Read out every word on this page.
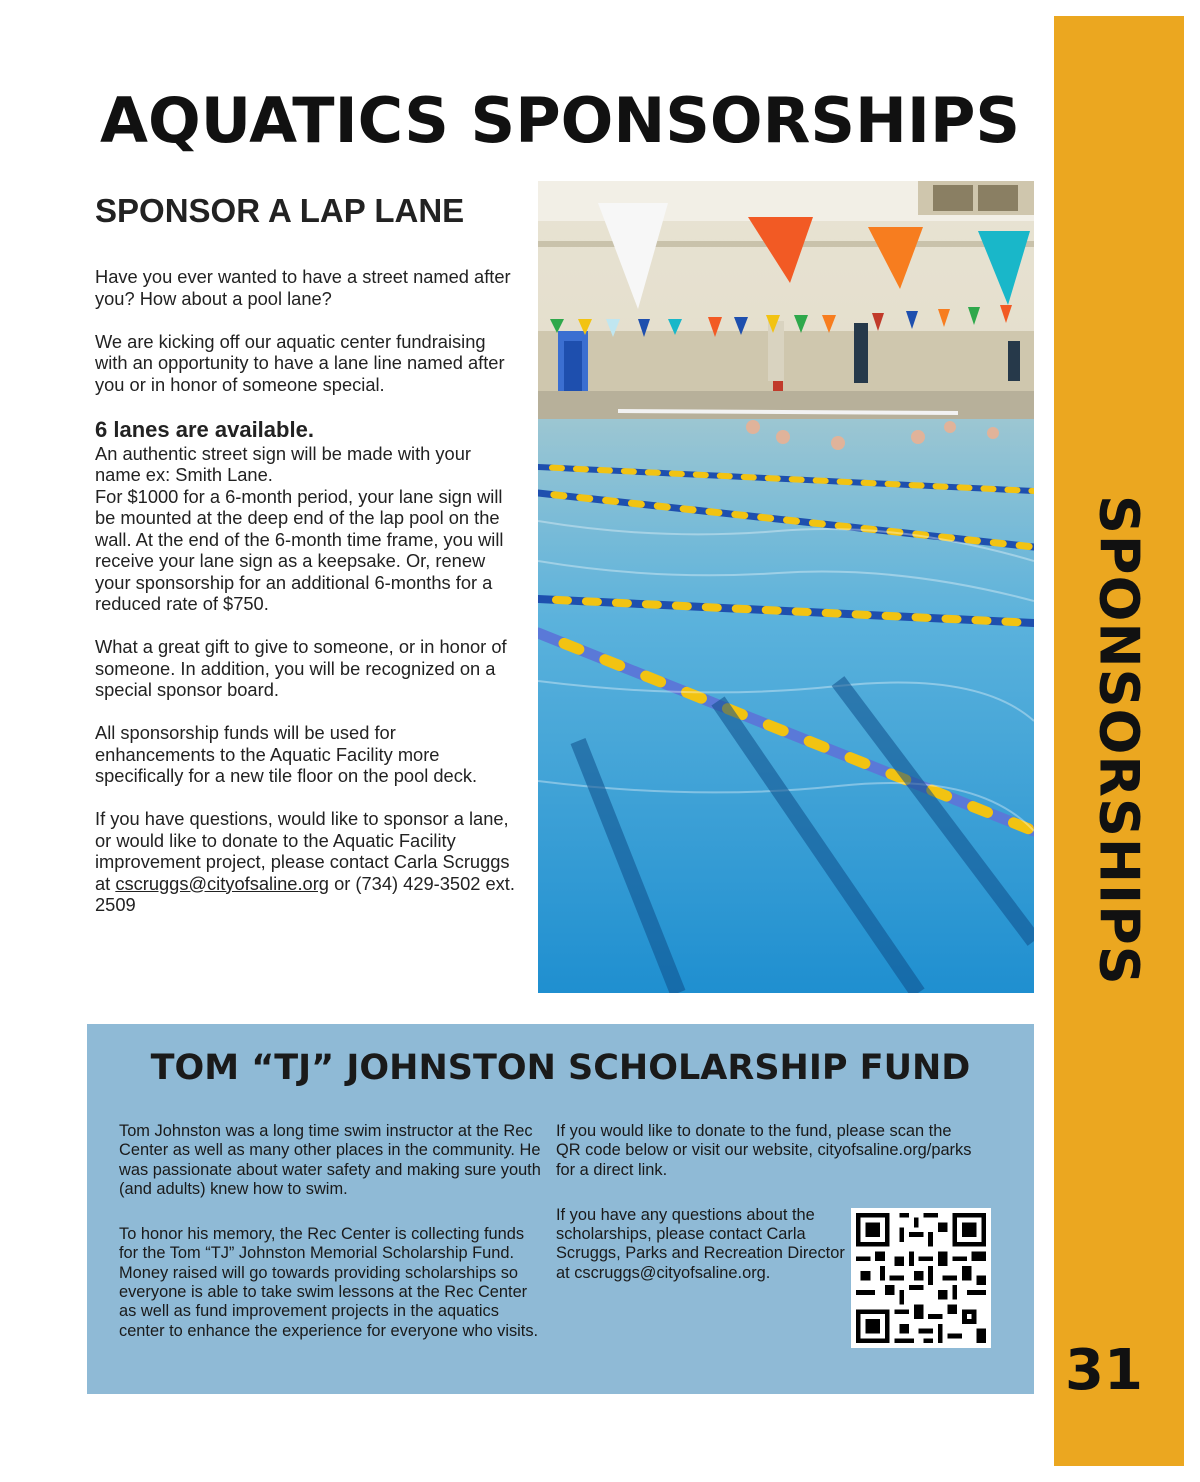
SPONSORSHIPS
31
AQUATICS SPONSORSHIPS
SPONSOR A LAP LANE

Have you ever wanted to have a street named after you? How about a pool lane?

We are kicking off our aquatic center fundraising with an opportunity to have a lane line named after you or in honor of someone special.

6 lanes are available.

An authentic street sign will be made with your name ex: Smith Lane.

For $1000 for a 6-month period, your lane sign will be mounted at the deep end of the lap pool on the wall. At the end of the 6-month time frame, you will receive your lane sign as a keepsake. Or, renew your sponsorship for an additional 6-months for a reduced rate of $750.

What a great gift to give to someone, or in honor of someone. In addition, you will be recognized on a special sponsor board.

All sponsorship funds will be used for enhancements to the Aquatic Facility more specifically for a new tile floor on the pool deck.

If you have questions, would like to sponsor a lane, or would like to donate to the Aquatic Facility improvement project, please contact Carla Scruggs at cscruggs@cityofsaline.org or (734) 429-3502 ext. 2509

TOM “TJ” JOHNSTON SCHOLARSHIP FUND

Tom Johnston was a long time swim instructor at the Rec Center as well as many other places in the community. He was passionate about water safety and making sure youth (and adults) knew how to swim.

To honor his memory, the Rec Center is collecting funds for the Tom “TJ” Johnston Memorial Scholarship Fund. Money raised will go towards providing scholarships so everyone is able to take swim lessons at the Rec Center as well as fund improvement projects in the aquatics center to enhance the experience for everyone who visits.

If you would like to donate to the fund, please scan the QR code below or visit our website, cityofsaline.org/parks for a direct link.

If you have any questions about the scholarships, please contact Carla Scruggs, Parks and Recreation Director at cscruggs@cityofsaline.org.
